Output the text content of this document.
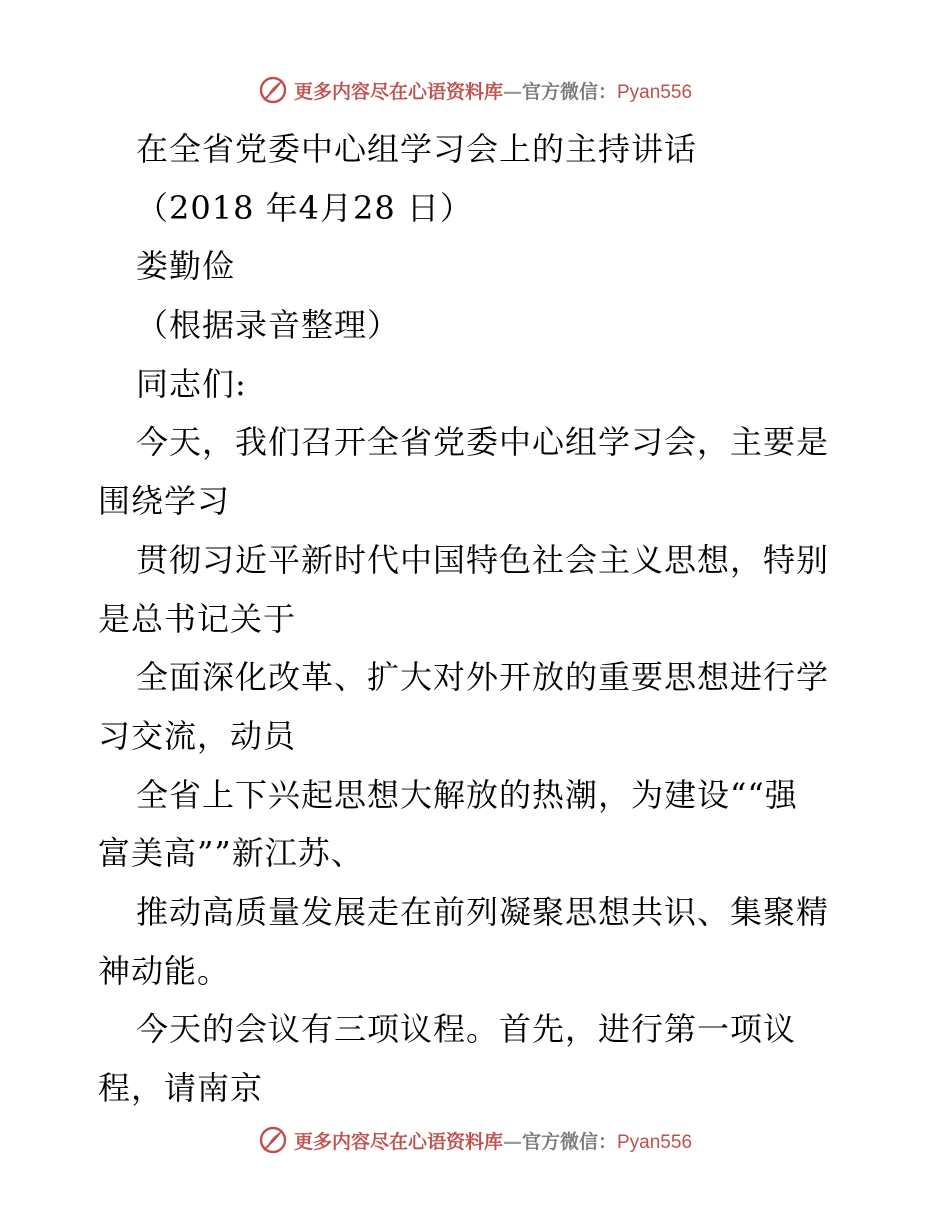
更多内容尽在心语资料库—官方微信：Pyan556
在全省党委中心组学习会上的主持讲话
（2018 年4月28 日）
娄勤俭
（根据录音整理）
同志们:
今天，我们召开全省党委中心组学习会，主要是
围绕学习
贯彻习近平新时代中国特色社会主义思想，特别
是总书记关于
全面深化改革、扩大对外开放的重要思想进行学
习交流，动员
全省上下兴起思想大解放的热潮，为建设““强
富美高””新江苏、
推动高质量发展走在前列凝聚思想共识、集聚精
神动能。
今天的会议有三项议程。首先，进行第一项议
程，请南京
更多内容尽在心语资料库—官方微信：Pyan556
